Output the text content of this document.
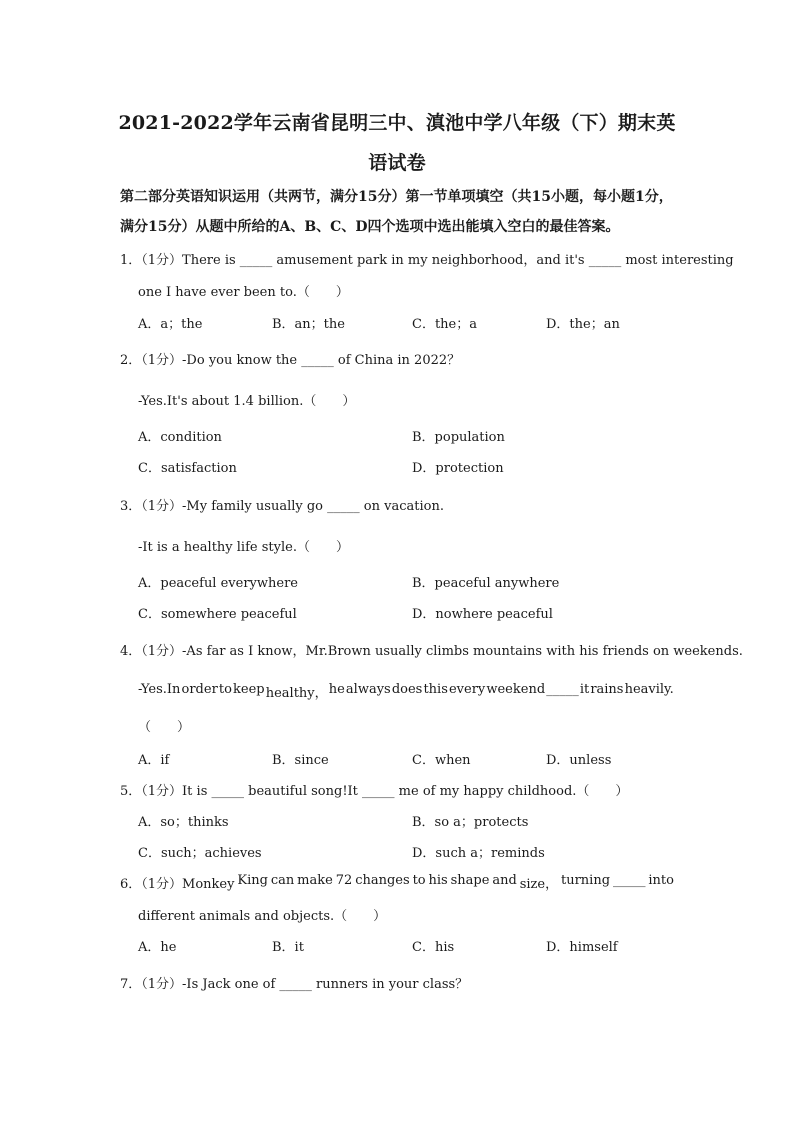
2021-2022学年云南省昆明三中、滇池中学八年级（下）期末英
语试卷
第二部分英语知识运用（共两节，满分15分）第一节单项填空（共15小题，每小题1分，
满分15分）从题中所给的A、B、C、D四个选项中选出能填入空白的最佳答案。
1．（1分）There is _____ amusement park in my neighborhood，and it's _____ most interesting
one I have ever been to.（　　）
A．a；the	B．an；the	C．the；a	D．the；an
2．（1分）-Do you know the _____ of China in 2022？
-Yes.It's about 1.4 billion.（　　）
A．condition	B．population
C．satisfaction	D．protection
3．（1分）-My family usually go _____ on vacation.
-It is a healthy life style.（　　）
A．peaceful everywhere	B．peaceful anywhere
C．somewhere peaceful	D．nowhere peaceful
4．（1分）-As far as I know，Mr.Brown usually climbs mountains with his friends on weekends.
-Yes.In order to keep healthy， he always does this every weekend _____ it rains heavily.
（　　）
A．if	B．since	C．when	D．unless
5．（1分）It is _____ beautiful song!It _____ me of my happy childhood.（　　）
A．so；thinks	B．so a；protects
C．such；achieves	D．such a；reminds
6．（1分）Monkey King can make 72 changes to his shape and size， turning _____ into
different animals and objects.（　　）
A．he	B．it	C．his	D．himself
7．（1分）-Is Jack one of _____ runners in your class？
